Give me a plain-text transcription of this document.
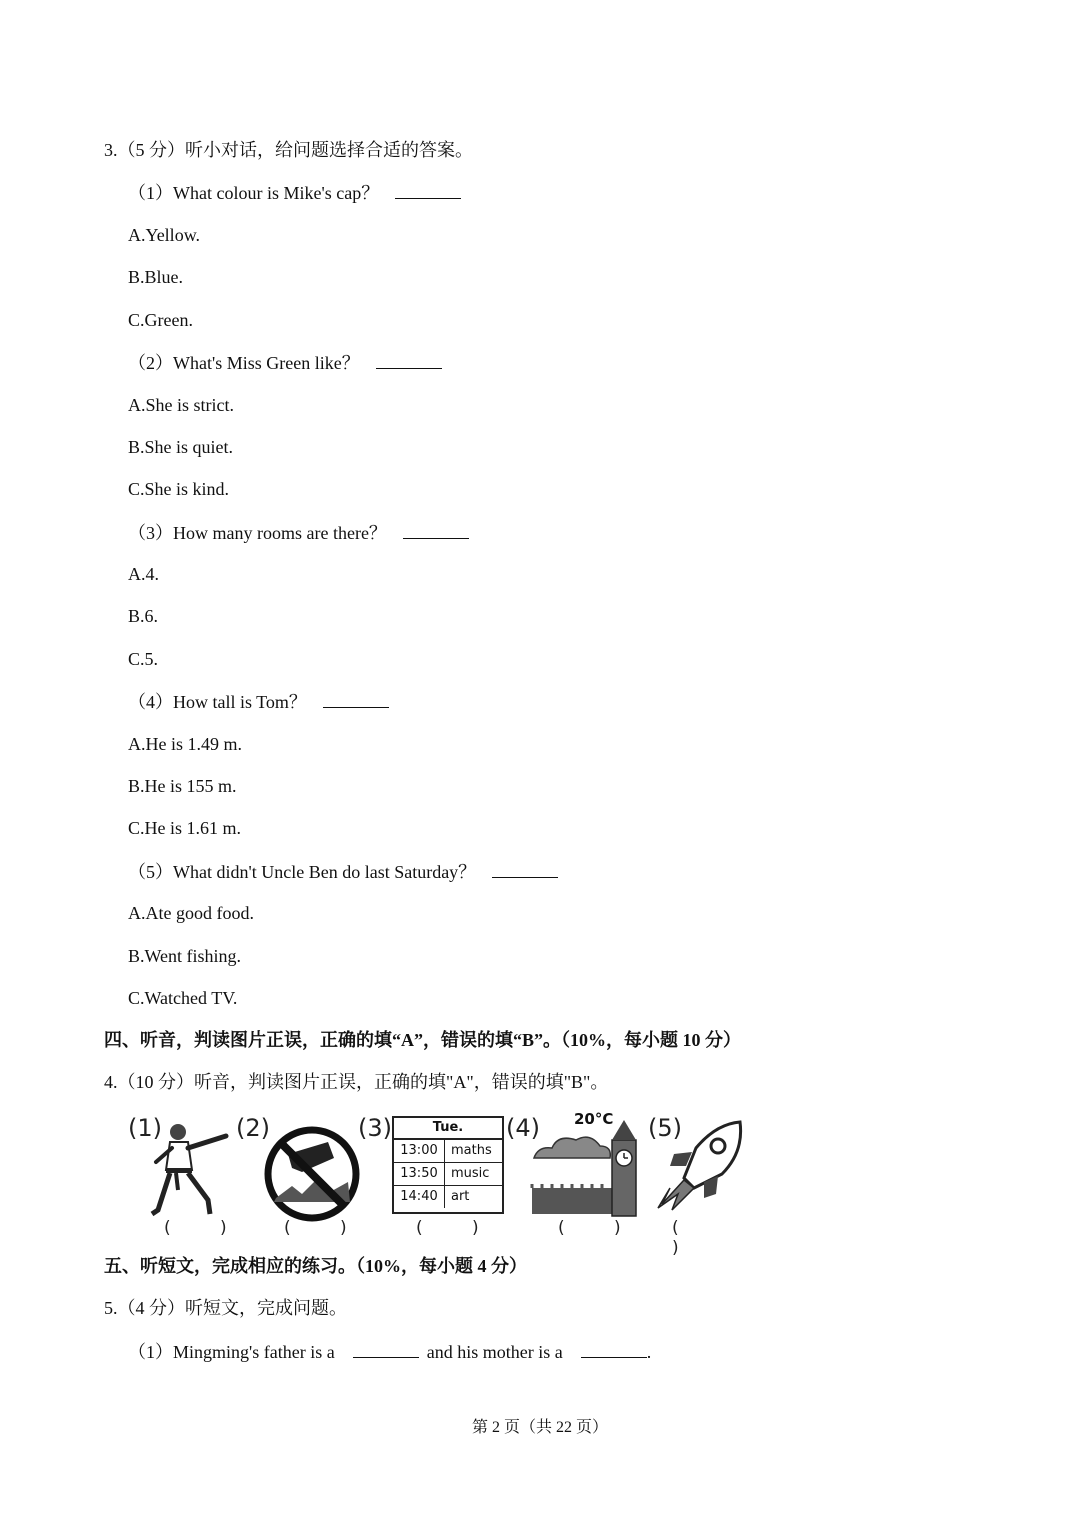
3.（5 分）听小对话，给问题选择合适的答案。
（1）What colour is Mike's cap？
A.Yellow.
B.Blue.
C.Green.
（2）What's Miss Green like？
A.She is strict.
B.She is quiet.
C.She is kind.
（3）How many rooms are there？
A.4.
B.6.
C.5.
（4）How tall is Tom？
A.He is 1.49 m.
B.He is 155 m.
C.He is 1.61 m.
（5）What didn't Uncle Ben do last Saturday？
A.Ate good food.
B.Went fishing.
C.Watched TV.
四、听音，判读图片正误，正确的填“A”，错误的填“B”。（10%，每小题 10 分）
4.（10 分）听音，判读图片正误，正确的填"A"，错误的填"B"。
(1)	(2)	(3)	(4)	(5)
Tue.
13:00	maths
13:50	music
14:40	art
20°C
( ) ( )	( )	( ) ( )
五、听短文，完成相应的练习。（10%，每小题 4 分）
5.（4 分）听短文，完成问题。
（1）Mingming's father is a	and his mother is a	.
第 2 页（共 22 页）
